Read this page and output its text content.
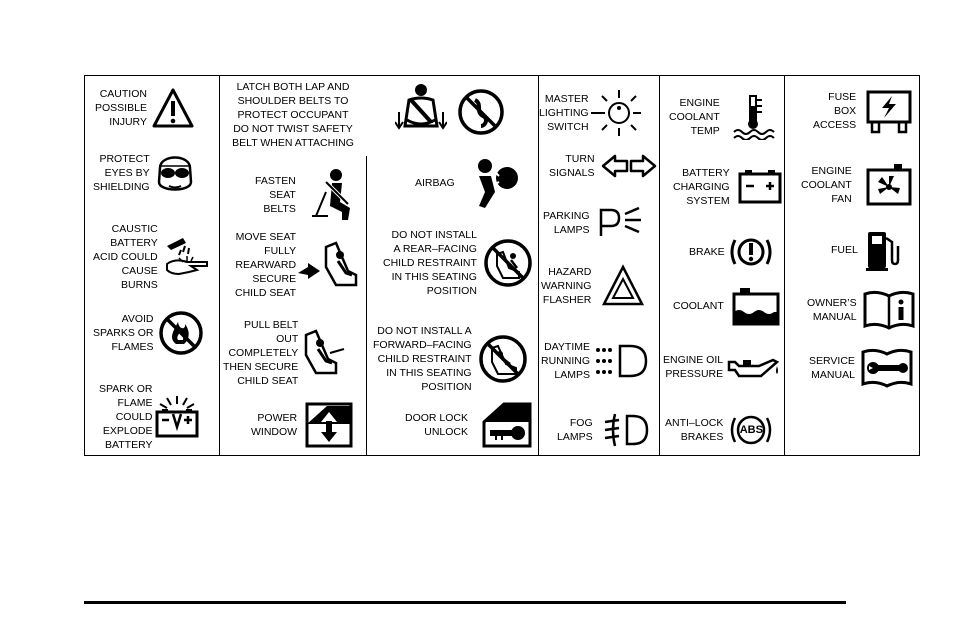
CAUTION
POSSIBLE
INJURY
PROTECT
EYES BY
SHIELDING
CAUSTIC
BATTERY
ACID COULD
CAUSE
BURNS
AVOID
SPARKS OR
FLAMES
SPARK OR
FLAME
COULD
EXPLODE
BATTERY
LATCH BOTH LAP AND
SHOULDER BELTS TO
PROTECT OCCUPANT
DO NOT TWIST SAFETY
BELT WHEN ATTACHING
FASTEN
SEAT
BELTS
MOVE SEAT
FULLY
REARWARD
SECURE
CHILD SEAT
PULL BELT
OUT
COMPLETELY
THEN SECURE
CHILD SEAT
POWER
WINDOW
AIRBAG
DO NOT INSTALL
A REAR–FACING
CHILD RESTRAINT
IN THIS SEATING
POSITION
DO NOT INSTALL A
FORWARD–FACING
CHILD RESTRAINT
IN THIS SEATING
POSITION
DOOR LOCK
UNLOCK
MASTER
LIGHTING
SWITCH
TURN
SIGNALS
PARKING
LAMPS
HAZARD
WARNING
FLASHER
DAYTIME
RUNNING
LAMPS
FOG
LAMPS
ENGINE
COOLANT
TEMP
BATTERY
CHARGING
SYSTEM
BRAKE
COOLANT
ENGINE OIL
PRESSURE
ANTI–LOCK
BRAKES
ABS
FUSE
BOX
ACCESS
ENGINE
COOLANT
FAN
FUEL
OWNER’S
MANUAL
SERVICE
MANUAL
